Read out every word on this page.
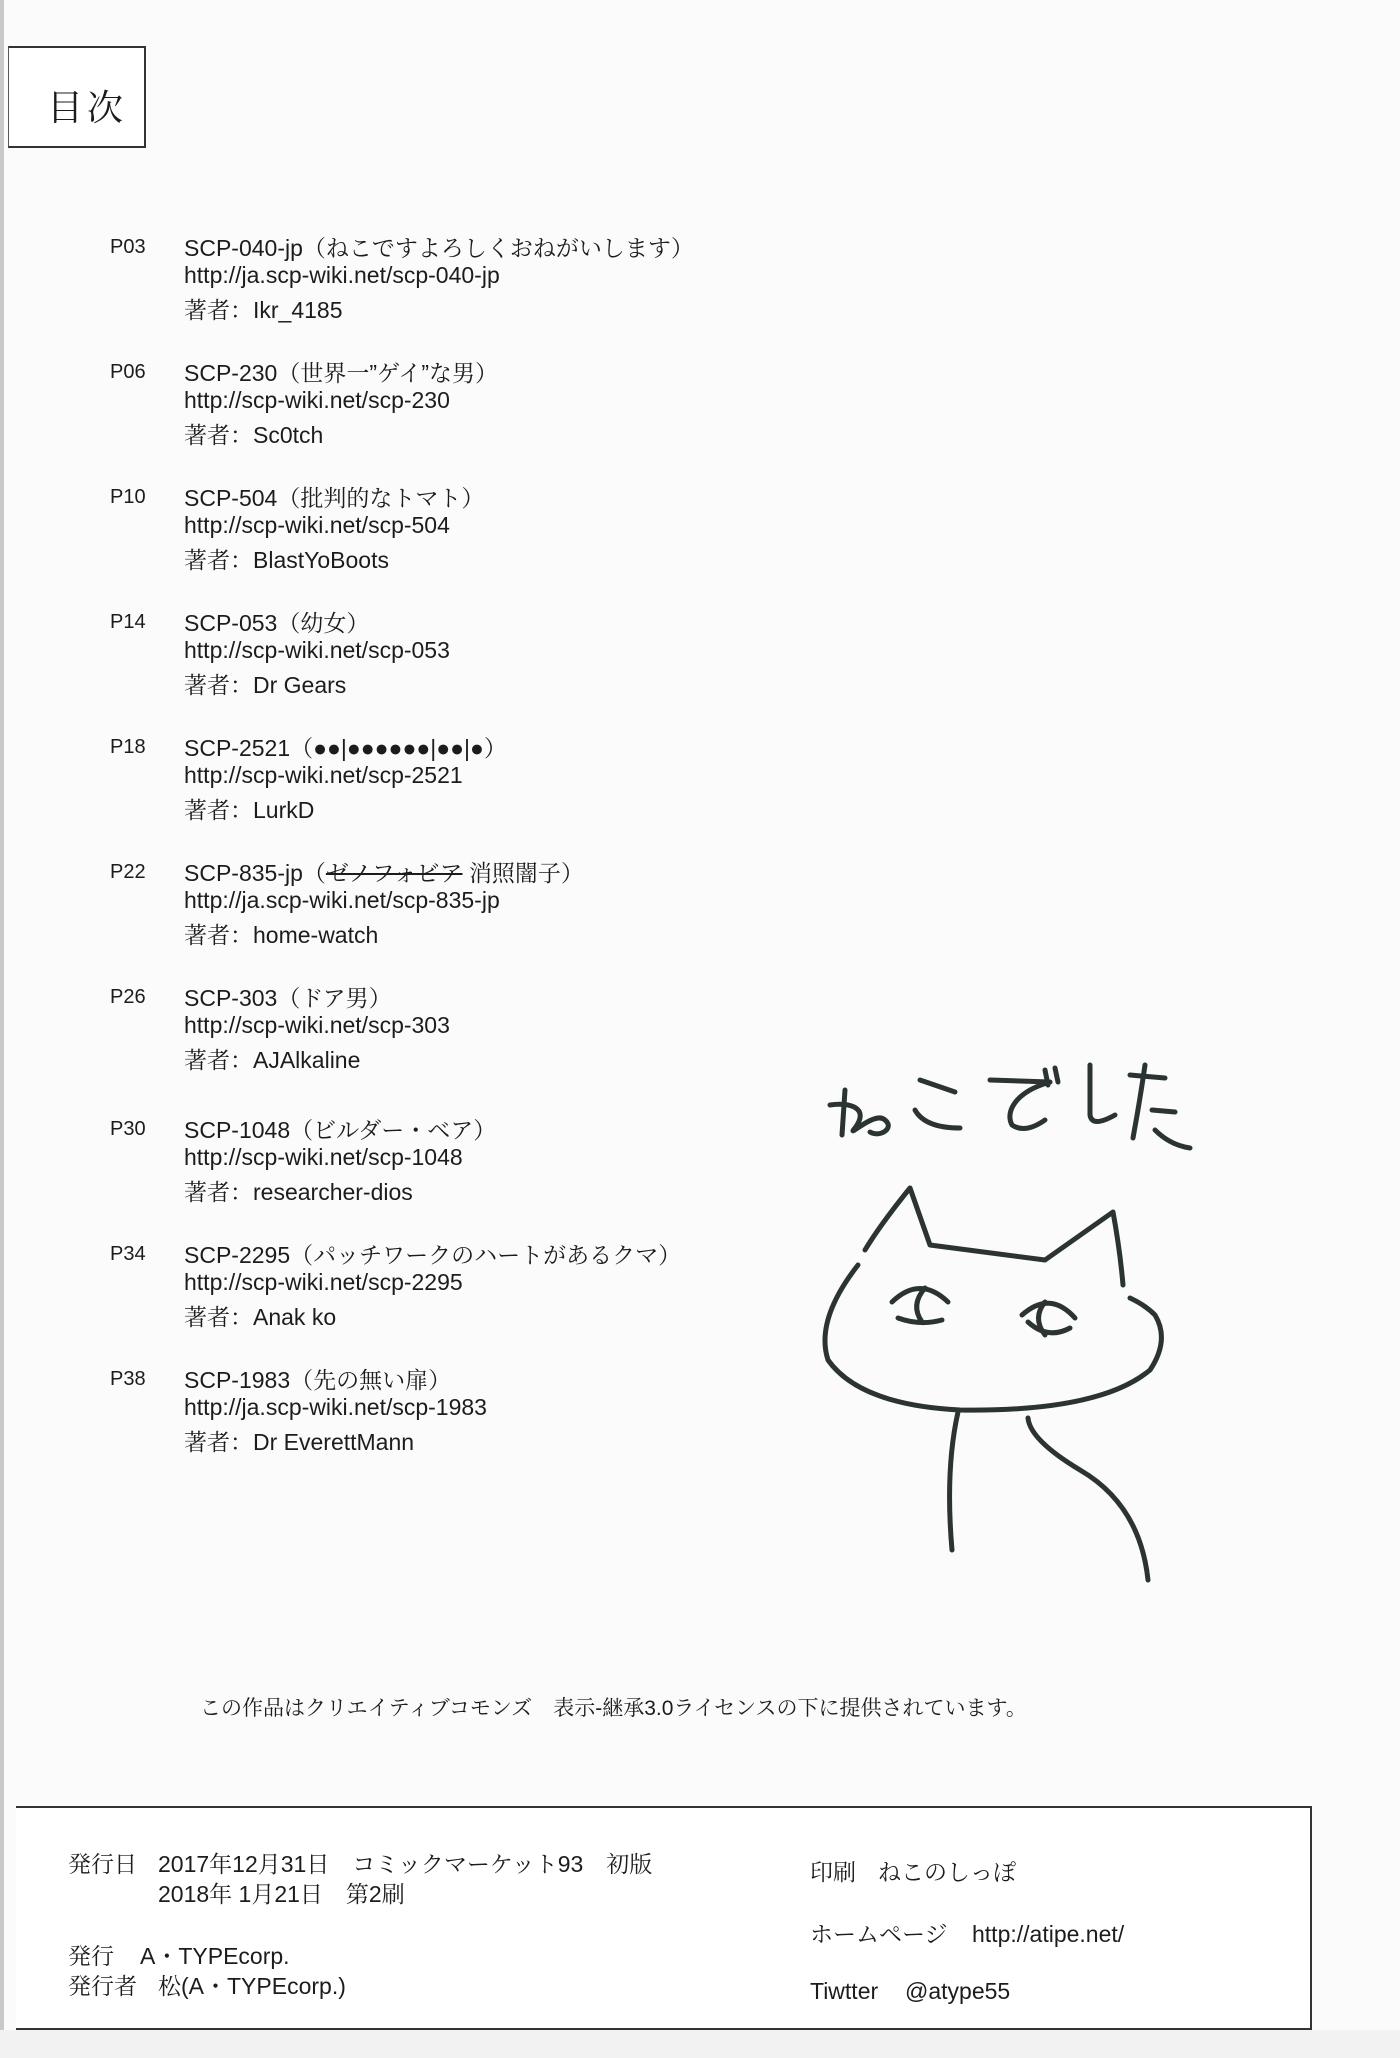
目次
P03 SCP-040-jp（ねこですよろしくおねがいします）
http://ja.scp-wiki.net/scp-040-jp
著者：Ikr_4185
P06 SCP-230（世界一”ゲイ”な男）
http://scp-wiki.net/scp-230
著者：Sc0tch
P10 SCP-504（批判的なトマト）
http://scp-wiki.net/scp-504
著者：BlastYoBoots
P14 SCP-053（幼女）
http://scp-wiki.net/scp-053
著者：Dr Gears
P18 SCP-2521（●●|●●●●●●|●●|●）
http://scp-wiki.net/scp-2521
著者：LurkD
P22 SCP-835-jp（ゼノフォビア 消照闇子）
http://ja.scp-wiki.net/scp-835-jp
著者：home-watch
P26 SCP-303（ドア男）
http://scp-wiki.net/scp-303
著者：AJAlkaline
P30 SCP-1048（ビルダー・ベア）
http://scp-wiki.net/scp-1048
著者：researcher-dios
P34 SCP-2295（パッチワークのハートがあるクマ）
http://scp-wiki.net/scp-2295
著者：Anak ko
P38 SCP-1983（先の無い扉）
http://ja.scp-wiki.net/scp-1983
著者：Dr EverettMann
この作品はクリエイティブコモンズ　表示-継承3.0ライセンスの下に提供されています。
発行日 2017年12月31日　コミックマーケット93　初版
2018年 1月21日　第2刷
発行 A・TYPEcorp.
発行者 松(A・TYPEcorp.)
印刷 ねこのしっぽ
ホームページ http://atipe.net/
Tiwtter @atype55
